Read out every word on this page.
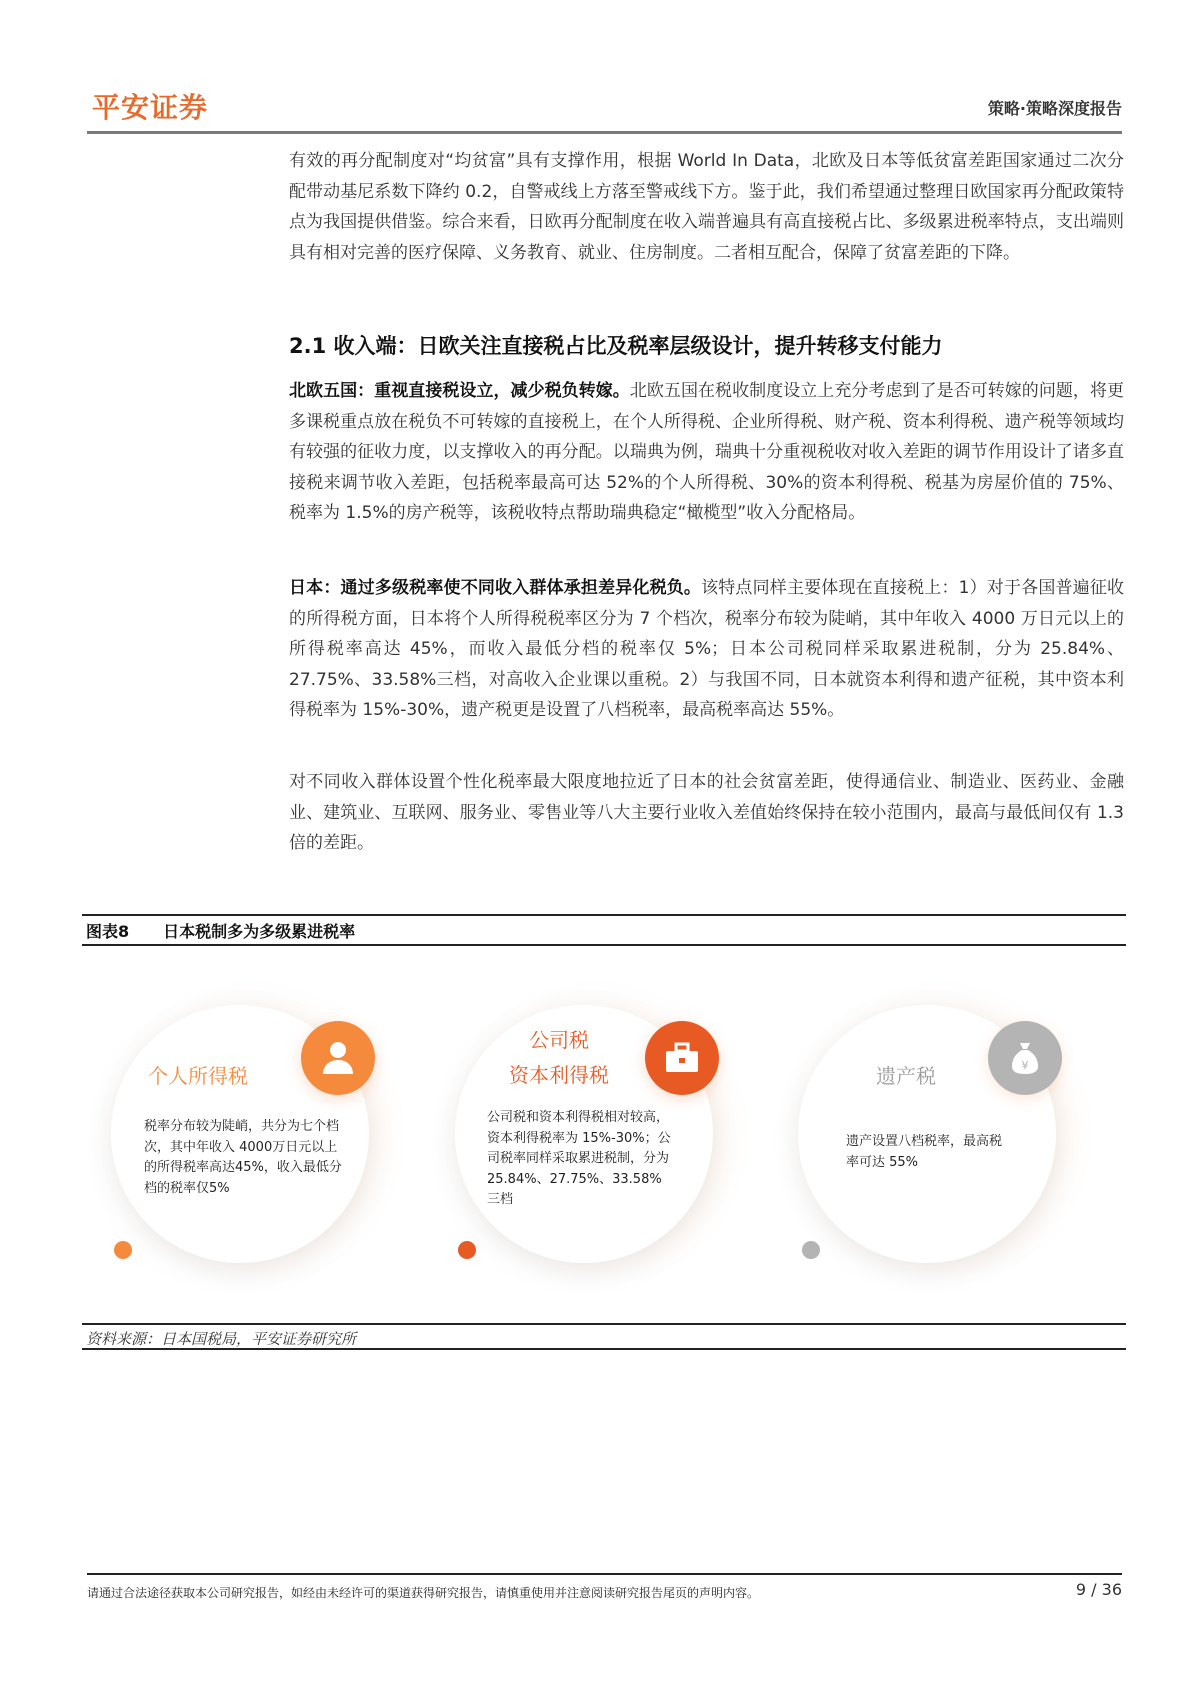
平安证券	策略·策略深度报告

有效的再分配制度对“均贫富”具有支撑作用，根据 World In Data，北欧及日本等低贫富差距国家通过二次分配带动基尼系数下降约 0.2，自警戒线上方落至警戒线下方。鉴于此，我们希望通过整理日欧国家再分配政策特点为我国提供借鉴。综合来看，日欧再分配制度在收入端普遍具有高直接税占比、多级累进税率特点，支出端则具有相对完善的医疗保障、义务教育、就业、住房制度。二者相互配合，保障了贫富差距的下降。

2.1 收入端：日欧关注直接税占比及税率层级设计，提升转移支付能力

北欧五国：重视直接税设立，减少税负转嫁。北欧五国在税收制度设立上充分考虑到了是否可转嫁的问题，将更多课税重点放在税负不可转嫁的直接税上，在个人所得税、企业所得税、财产税、资本利得税、遗产税等领域均有较强的征收力度，以支撑收入的再分配。以瑞典为例，瑞典十分重视税收对收入差距的调节作用设计了诸多直接税来调节收入差距，包括税率最高可达 52%的个人所得税、30%的资本利得税、税基为房屋价值的 75%、税率为 1.5%的房产税等，该税收特点帮助瑞典稳定“橄榄型”收入分配格局。

日本：通过多级税率使不同收入群体承担差异化税负。该特点同样主要体现在直接税上：1）对于各国普遍征收的所得税方面，日本将个人所得税税率区分为 7 个档次，税率分布较为陡峭，其中年收入 4000 万日元以上的所得税率高达 45%，而收入最低分档的税率仅 5%；日本公司税同样采取累进税制，分为 25.84%、27.75%、33.58%三档，对高收入企业课以重税。2）与我国不同，日本就资本利得和遗产征税，其中资本利得税率为 15%-30%，遗产税更是设置了八档税率，最高税率高达 55%。

对不同收入群体设置个性化税率最大限度地拉近了日本的社会贫富差距，使得通信业、制造业、医药业、金融业、建筑业、互联网、服务业、零售业等八大主要行业收入差值始终保持在较小范围内，最高与最低间仅有 1.3 倍的差距。

图表8 日本税制多为多级累进税率
个人所得税
税率分布较为陡峭，共分为七个档次，其中年收入 4000万日元以上的所得税率高达45%，收入最低分档的税率仅5%
公司税
资本利得税
公司税和资本利得税相对较高，资本利得税率为 15%-30%；公司税率同样采取累进税制，分为 25.84%、27.75%、33.58%三档
¥
遗产税
遗产设置八档税率，最高税率可达 55%
资料来源：日本国税局，平安证券研究所
请通过合法途径获取本公司研究报告，如经由未经许可的渠道获得研究报告，请慎重使用并注意阅读研究报告尾页的声明内容。	9 / 36
